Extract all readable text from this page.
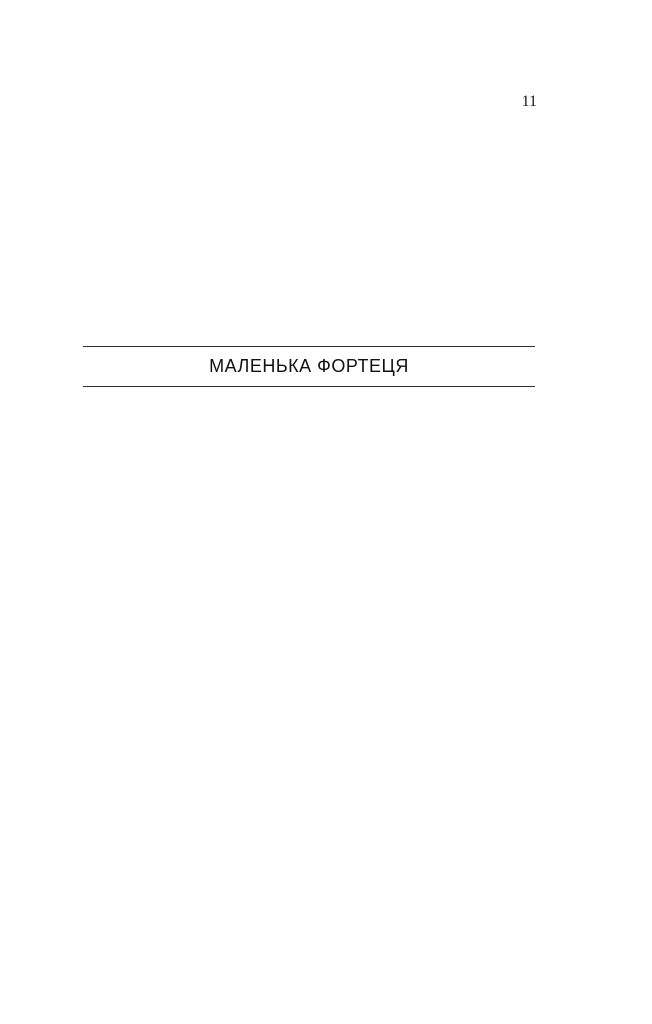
11

МАЛЕНЬКА ФОРТЕЦЯ
